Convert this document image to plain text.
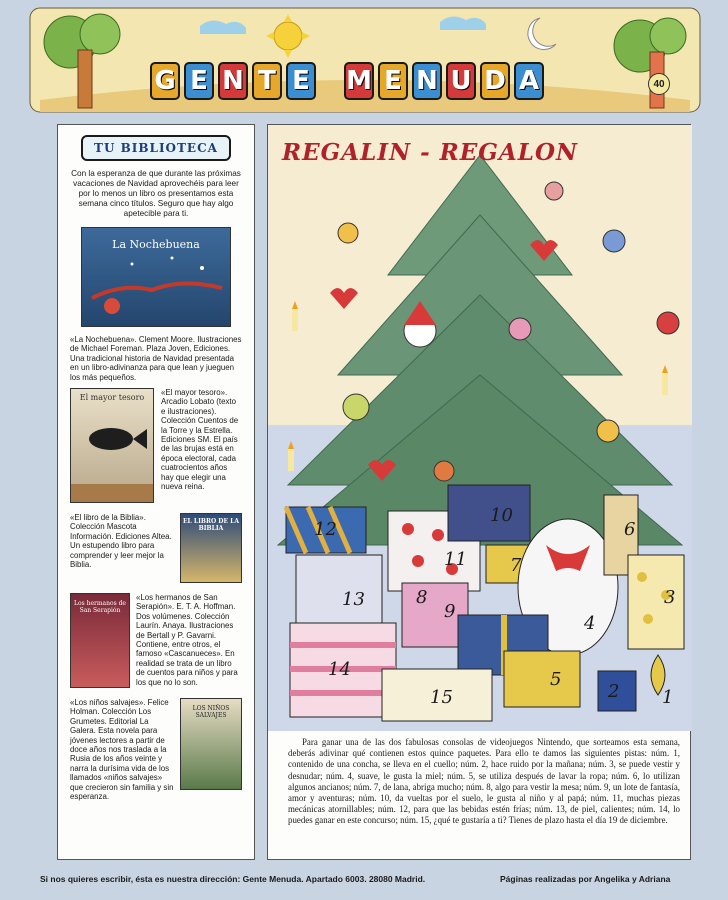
G E N T E M E N U D A	40
TU BIBLIOTECA

Con la esperanza de que durante las próximas vacaciones de Navidad aprovechéis para leer por lo menos un libro os presentamos esta semana cinco títulos. Seguro que hay algo apetecible para ti.

La Nochebuena

«La Nochebuena». Clement Moore. Ilustraciones de Michael Foreman. Plaza Joven, Ediciones. Una tradicional historia de Navidad presentada en un libro-adivinanza para que lean y jueguen los más pequeños.

El mayor tesoro

«El mayor tesoro». Arcadio Lobato (texto e ilustraciones). Colección Cuentos de la Torre y la Estrella. Ediciones SM. El país de las brujas está en época electoral, cada cuatrocientos años hay que elegir una nueva reina.

EL LIBRO DE LA BIBLIA

«El libro de la Biblia». Colección Mascota Información. Ediciones Altea. Un estupendo libro para comprender y leer mejor la Biblia.

Los hermanos de San Serapión

«Los hermanos de San Serapión». E. T. A. Hoffman. Dos volúmenes. Colección Laurín. Anaya. Ilustraciones de Bertall y P. Gavarni. Contiene, entre otros, el famoso «Cascanueces». En realidad se trata de un libro de cuentos para niños y para los que no lo son.

LOS NIÑOS SALVAJES

«Los niños salvajes». Felice Holman. Colección Los Grumetes. Editorial La Galera. Esta novela para jóvenes lectores a partir de doce años nos traslada a la Rusia de los años veinte y narra la durísima vida de los llamados «niños salvajes» que crecieron sin familia y sin esperanza.

1
2
3
4
5
6
7
8
9
10
11
12
13
14
15
REGALIN - REGALON

Para ganar una de las dos fabulosas consolas de videojuegos Nintendo, que sorteamos esta semana, deberás adivinar qué contienen estos quince paquetes. Para ello te damos las siguientes pistas: núm. 1, contenido de una concha, se lleva en el cuello; núm. 2, hace ruido por la mañana; núm. 3, se puede vestir y desnudar; núm. 4, suave, le gusta la miel; núm. 5, se utiliza después de lavar la ropa; núm. 6, lo utilizan algunos ancianos; núm. 7, de lana, abriga mucho; núm. 8, algo para vestir la mesa; núm. 9, un lote de fantasía, amor y aventuras; núm. 10, da vueltas por el suelo, le gusta al niño y al papá; núm. 11, muchas piezas mecánicas atornillables; núm. 12, para que las bebidas estén frías; núm. 13, de piel, calientes; núm. 14, lo puedes ganar en este concurso; núm. 15, ¿qué te gustaría a ti? Tienes de plazo hasta el día 19 de diciembre.

Si nos quieres escribir, ésta es nuestra dirección: Gente Menuda. Apartado 6003. 28080 Madrid.	Páginas realizadas por Angelika y Adriana
